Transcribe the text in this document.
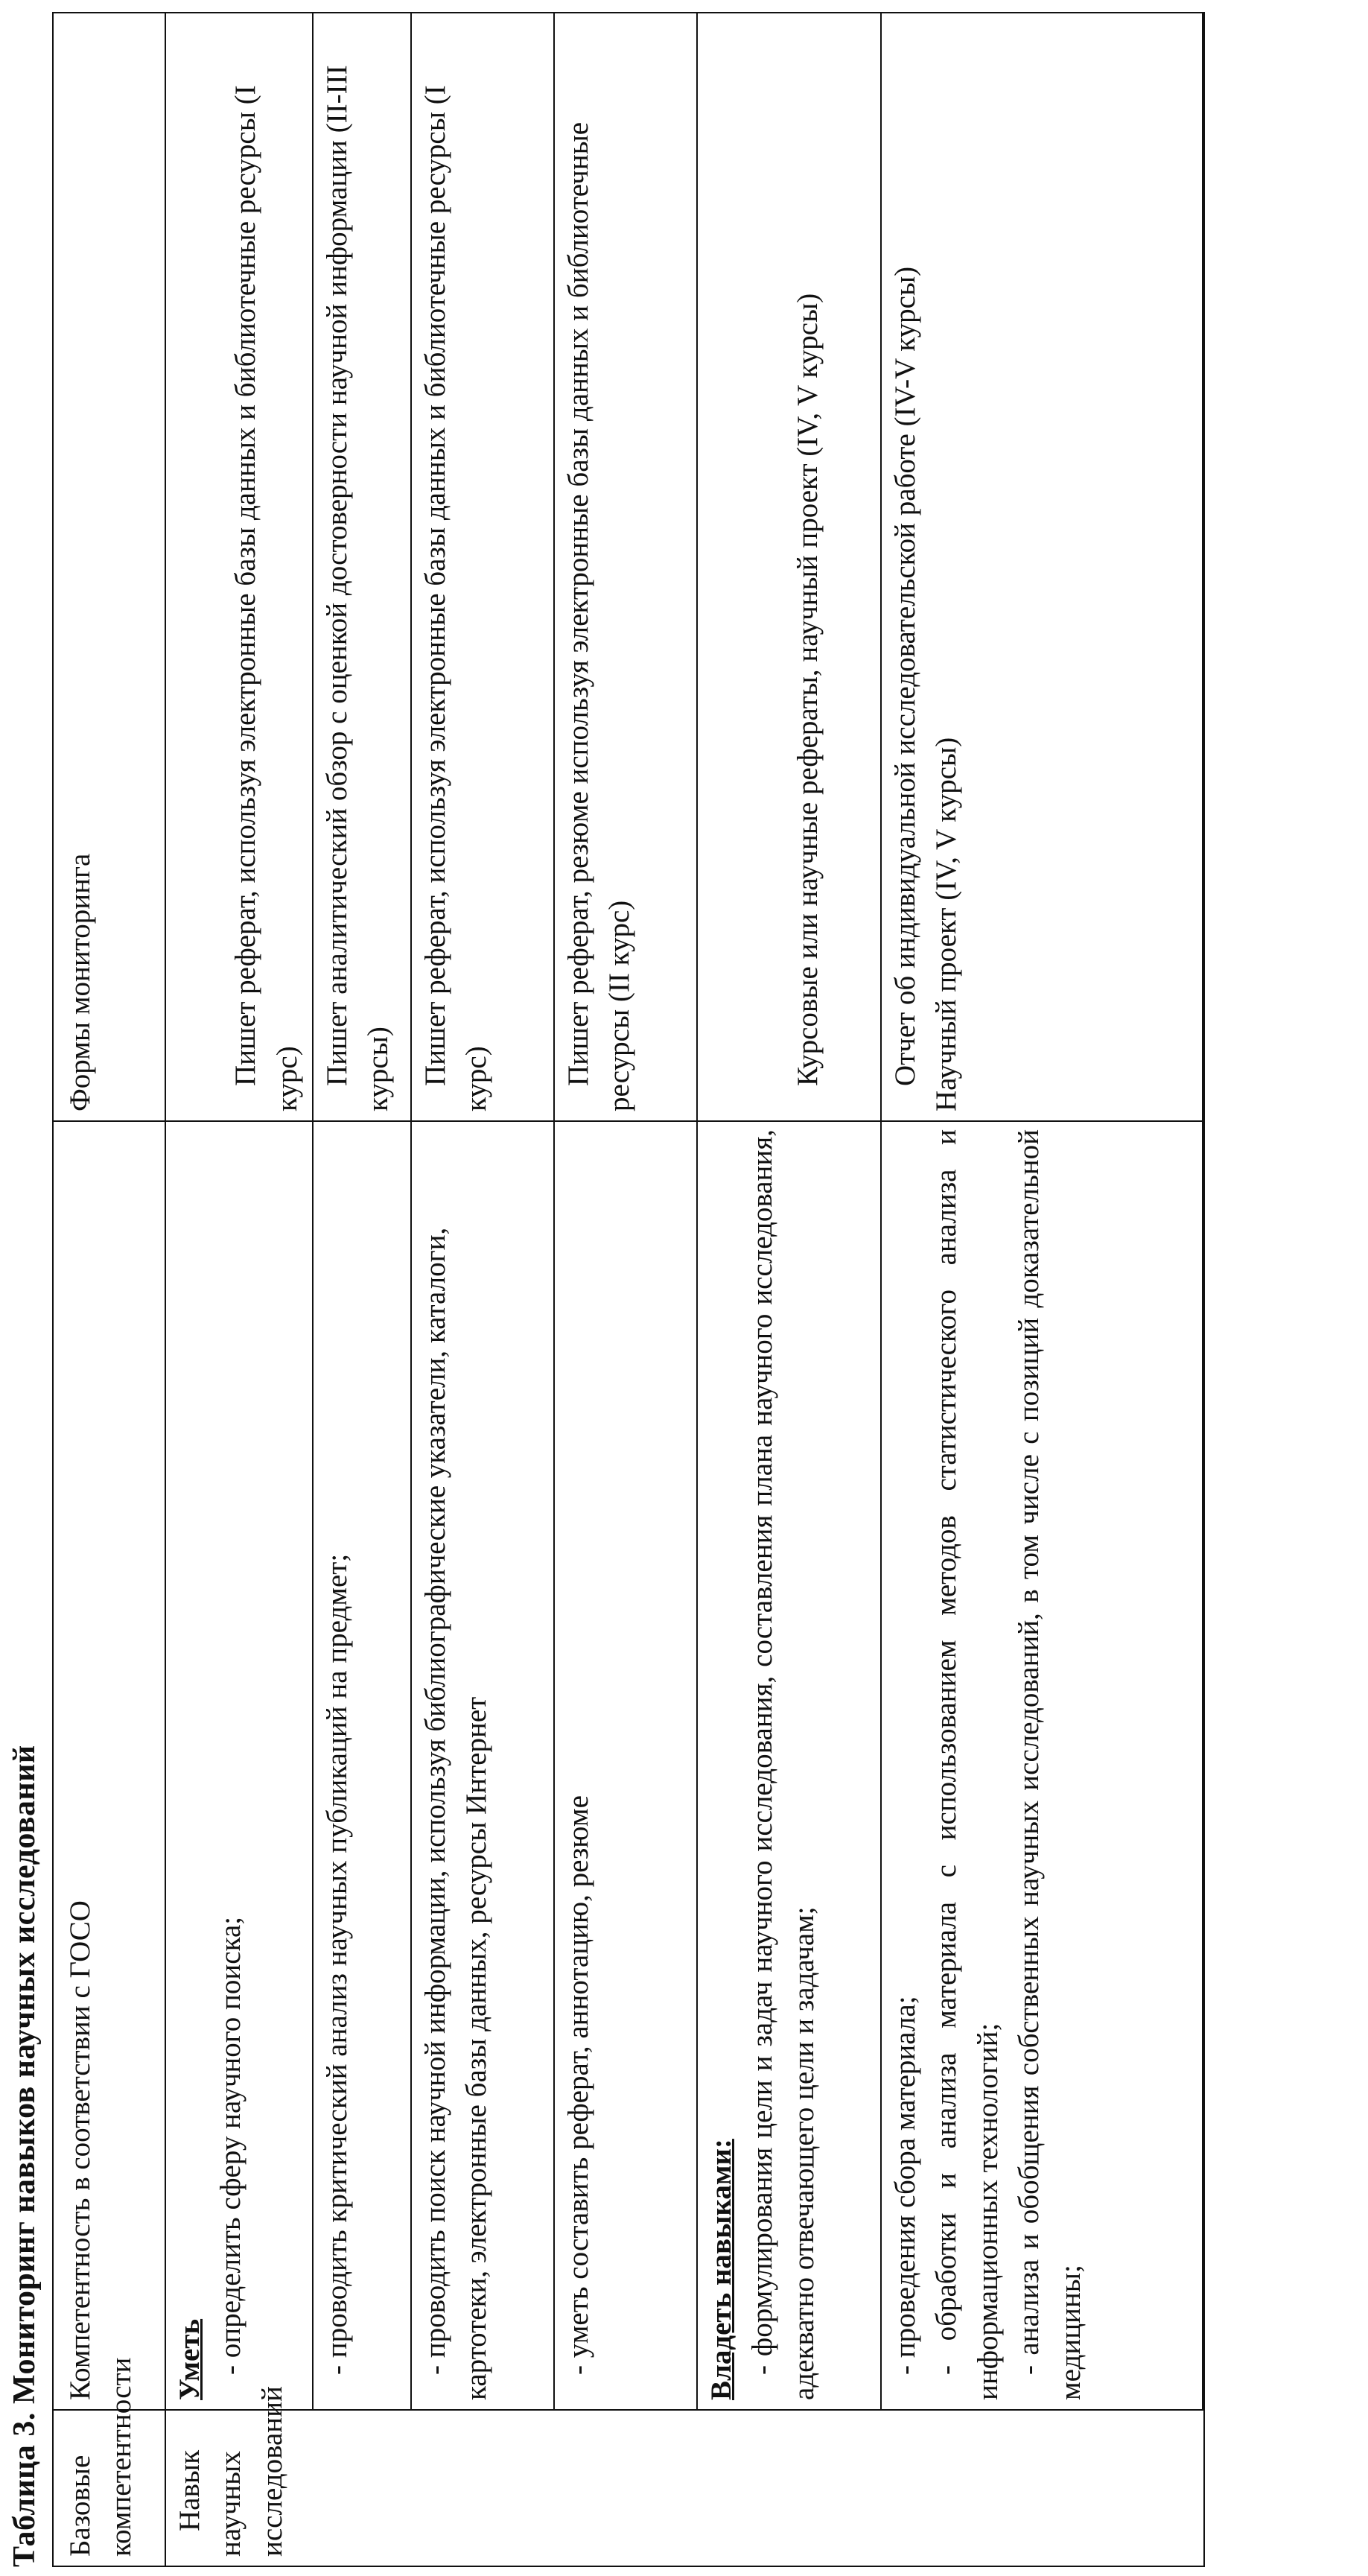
Таблица 3. Мониторинг навыков научных исследований Базовые компетентности	Компетентность в соответствии с ГОСО	Формы мониторинга
Навык научных исследований	Уметь - определить сферу научного поиска;	Пишет реферат, используя электронные базы данных и библиотечные ресурсы (I курс)

	- проводить критический анализ научных публикаций на предмет;	Пишет аналитический обзор с оценкой достоверности научной информации (II-III курсы)
	- проводить поиск научной информации, используя библиографические указатели, каталоги, картотеки, электронные базы данных, ресурсы Интернет	Пишет реферат, используя электронные базы данных и библиотечные ресурсы (I курс)
	- уметь составить реферат, аннотацию, резюме	Пишет реферат, резюме используя электронные базы данных и библиотечные ресурсы (II курс)

	Владеть навыками: - формулирования цели и задач научного исследования, составления плана научного исследования, адекватно отвечающего цели и задачам;	Курсовые или научные рефераты, научный проект (IV, V курсы)

	- проведения сбора материала; - обработки и анализа материала с использованием методов статистического анализа и информационных технологий; - анализа и обобщения собственных научных исследований, в том числе с позиций доказательной медицины;	Отчет об индивидуальной исследовательской работе (IV-V курсы) Научный проект (IV, V курсы)
